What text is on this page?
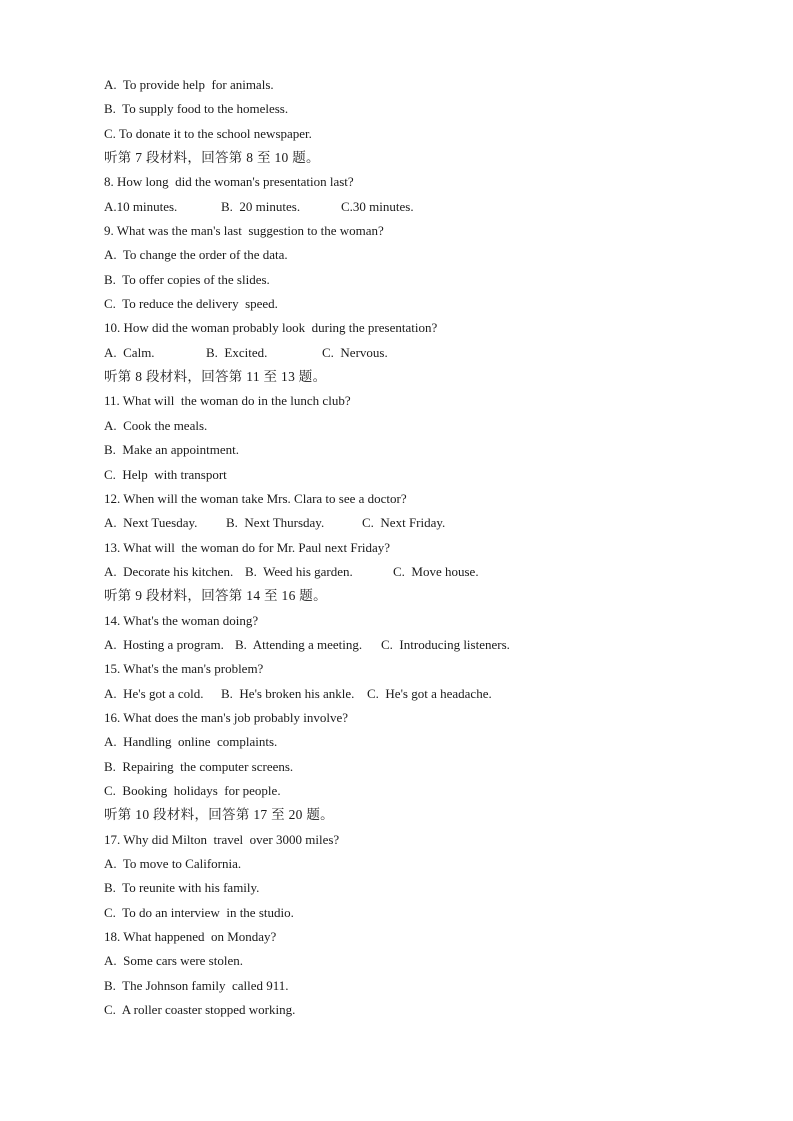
A.  To provide help  for animals.
B.  To supply food to the homeless.
C. To donate it to the school newspaper.
听第 7 段材料，回答第 8 至 10 题。
8. How long  did the woman's presentation last?
A.10 minutes.	B.  20 minutes.	C.30 minutes.
9. What was the man's last  suggestion to the woman?
A.  To change the order of the data.
B.  To offer copies of the slides.
C.  To reduce the delivery  speed.
10. How did the woman probably look  during the presentation?
A.  Calm.	B.  Excited.	C.  Nervous.
听第 8 段材料，回答第 11 至 13 题。
11. What will  the woman do in the lunch club?
A.  Cook the meals.
B.  Make an appointment.
C.  Help  with transport
12. When will the woman take Mrs. Clara to see a doctor?
A.  Next Tuesday. B.  Next Thursday.	C.  Next Friday.
13. What will  the woman do for Mr. Paul next Friday?
A.  Decorate his kitchen. B.  Weed his garden.	C.  Move house.
听第 9 段材料，回答第 14 至 16 题。
14. What's the woman doing?
A.  Hosting a program. B.  Attending a meeting. C.  Introducing listeners.
15. What's the man's problem?
A.  He's got a cold. B.  He's broken his ankle. C.  He's got a headache.
16. What does the man's job probably involve?
A.  Handling  online  complaints.
B.  Repairing  the computer screens.
C.  Booking  holidays  for people.
听第 10 段材料，回答第 17 至 20 题。
17. Why did Milton  travel  over 3000 miles?
A.  To move to California.
B.  To reunite with his family.
C.  To do an interview  in the studio.
18. What happened  on Monday?
A.  Some cars were stolen.
B.  The Johnson family  called 911.
C.  A roller coaster stopped working.
